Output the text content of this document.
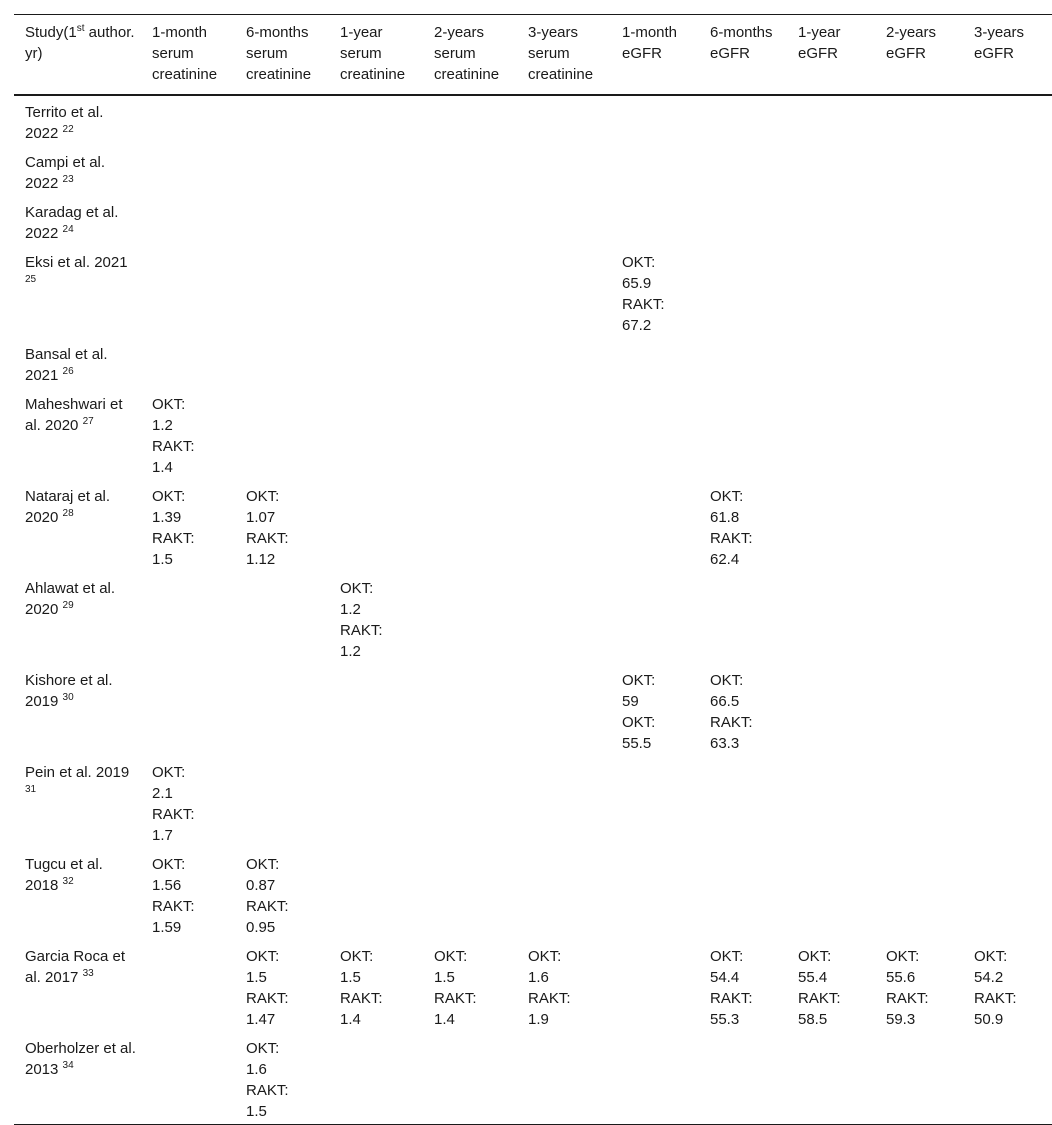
Study(1st author. yr)	1-month serum creatinine	6-months serum creatinine	1-year serum creatinine	2-years serum creatinine	3-years serum creatinine	1-month eGFR	6-months eGFR	1-year eGFR	2-years eGFR	3-years eGFR
Territo et al. 2022 $^{22}$										
Campi et al. 2022 $^{23}$										
Karadag et al. 2022 $^{24}$										
Eksi et al. 2021 $^{25}$						OKT:
65.9
RAKT:
67.2				

Bansal et al. 2021 $^{26}$										
Maheshwari et al. 2020 $^{27}$	OKT:
1.2
RAKT:
1.4									

Nataraj et al. 2020 $^{28}$	OKT:
1.39
RAKT:
1.5	OKT:
1.07
RAKT:
1.12					OKT:
61.8
RAKT:
62.4			

Ahlawat et al. 2020 $^{29}$			OKT:
1.2
RAKT:
1.2							

Kishore et al. 2019 $^{30}$						OKT:
59
OKT:
55.5	OKT:
66.5
RAKT:
63.3			

Pein et al. 2019 $^{31}$	OKT:
2.1
RAKT:
1.7									

Tugcu et al. 2018 $^{32}$	OKT:
1.56
RAKT:
1.59	OKT:
0.87
RAKT:
0.95								

Garcia Roca et al. 2017 $^{33}$		OKT:
1.5
RAKT:
1.47	OKT:
1.5
RAKT:
1.4	OKT:
1.5
RAKT:
1.4	OKT:
1.6
RAKT:
1.9		OKT:
54.4
RAKT:
55.3	OKT:
55.4
RAKT:
58.5	OKT:
55.6
RAKT:
59.3	OKT:
54.2
RAKT:
50.9

Oberholzer et al. 2013 $^{34}$		OKT:
1.6
RAKT:
1.5								
